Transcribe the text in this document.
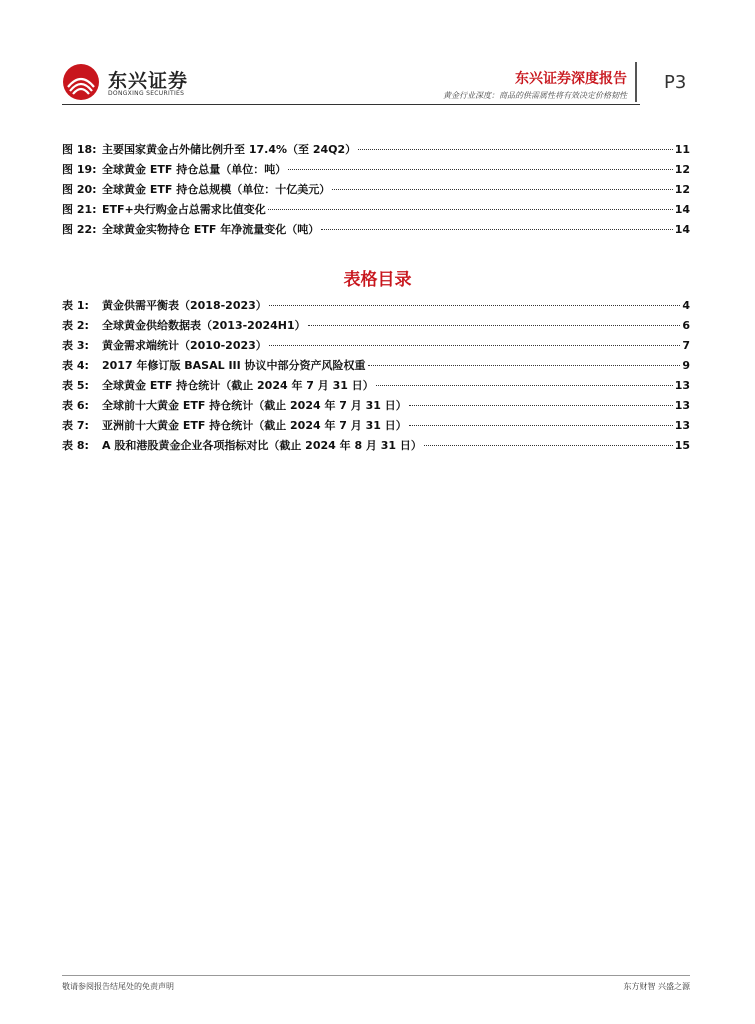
东兴证券
DONGXING SECURITIES
东兴证券深度报告
黄金行业深度：商品的供需属性将有效决定价格韧性
P3
图 18: 主要国家黄金占外储比例升至 17.4%（至 24Q2）	11
图 19: 全球黄金 ETF 持仓总量（单位：吨）	12
图 20: 全球黄金 ETF 持仓总规模（单位：十亿美元）	12
图 21: ETF+央行购金占总需求比值变化	14
图 22: 全球黄金实物持仓 ETF 年净流量变化（吨）	14
表格目录
表 1:	黄金供需平衡表（2018-2023）	4
表 2:	全球黄金供给数据表（2013-2024H1）	6
表 3:	黄金需求端统计（2010-2023）	7
表 4:	2017 年修订版 BASAL III 协议中部分资产风险权重	9
表 5:	全球黄金 ETF 持仓统计（截止 2024 年 7 月 31 日）	13
表 6:	全球前十大黄金 ETF 持仓统计（截止 2024 年 7 月 31 日）	13
表 7:	亚洲前十大黄金 ETF 持仓统计（截止 2024 年 7 月 31 日）	13
表 8:	A 股和港股黄金企业各项指标对比（截止 2024 年 8 月 31 日）	15
敬请参阅报告结尾处的免责声明	东方财智 兴盛之源
